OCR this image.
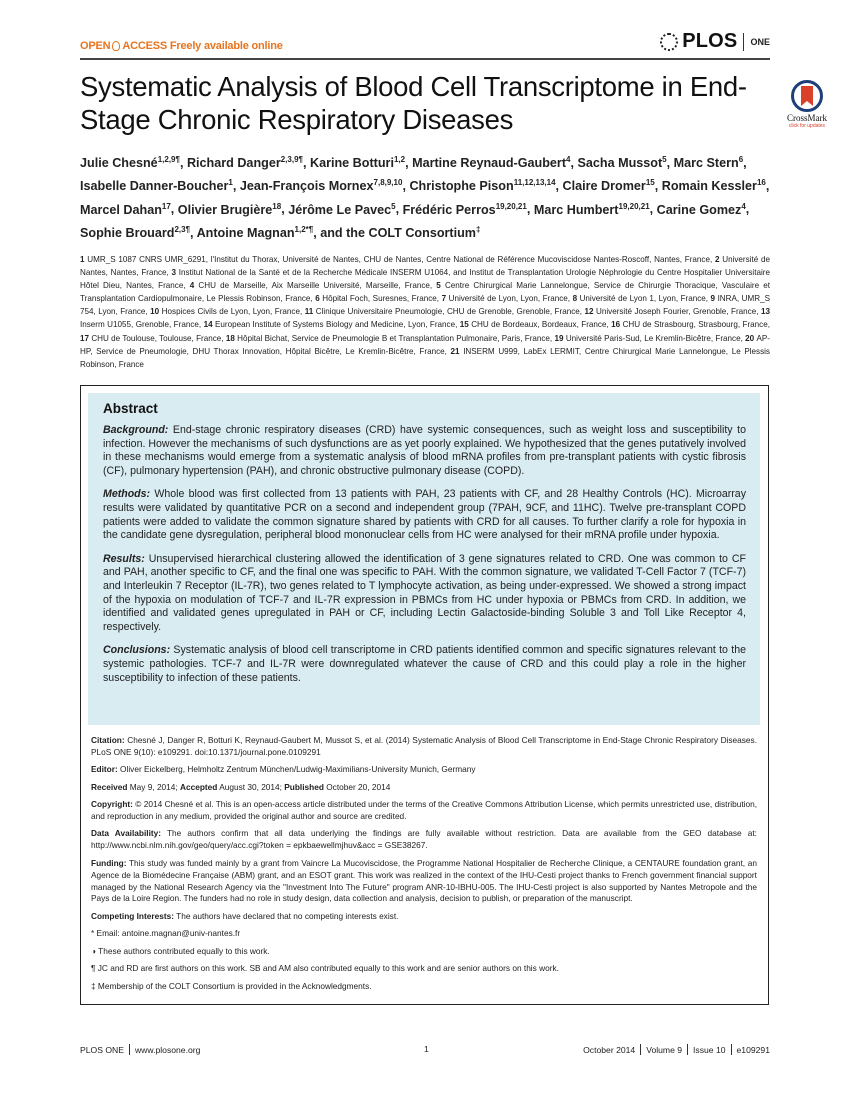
OPEN ACCESS Freely available online	PLOS ONE
Systematic Analysis of Blood Cell Transcriptome in End-Stage Chronic Respiratory Diseases	CrossMark
click for updates
Julie Chesné$^{1,2,9\P}$, Richard Danger$^{2,3,9\P}$, Karine Botturi$^{1,2}$, Martine Reynaud-Gaubert$^4$, Sacha Mussot$^5$, Marc Stern$^6$, Isabelle Danner-Boucher$^1$, Jean-François Mornex$^{7,8,9,10}$, Christophe Pison$^{11,12,13,14}$, Claire Dromer$^{15}$, Romain Kessler$^{16}$, Marcel Dahan$^{17}$, Olivier Brugière$^{18}$, Jérôme Le Pavec$^5$, Frédéric Perros$^{19,20,21}$, Marc Humbert$^{19,20,21}$, Carine Gomez$^4$, Sophie Brouard$^{2,3\P}$, Antoine Magnan$^{1,2*\P}$, and the COLT Consortium‡
1 UMR_S 1087 CNRS UMR_6291, l'Institut du Thorax, Université de Nantes, CHU de Nantes, Centre National de Référence Mucoviscidose Nantes-Roscoff, Nantes, France, 2 Université de Nantes, Nantes, France, 3 Institut National de la Santé et de la Recherche Médicale INSERM U1064, and Institut de Transplantation Urologie Néphrologie du Centre Hospitalier Universitaire Hôtel Dieu, Nantes, France, 4 CHU de Marseille, Aix Marseille Université, Marseille, France, 5 Centre Chirurgical Marie Lannelongue, Service de Chirurgie Thoracique, Vasculaire et Transplantation Cardiopulmonaire, Le Plessis Robinson, France, 6 Hôpital Foch, Suresnes, France, 7 Université de Lyon, Lyon, France, 8 Université de Lyon 1, Lyon, France, 9 INRA, UMR_S 754, Lyon, France, 10 Hospices Civils de Lyon, Lyon, France, 11 Clinique Universitaire Pneumologie, CHU de Grenoble, Grenoble, France, 12 Université Joseph Fourier, Grenoble, France, 13 Inserm U1055, Grenoble, France, 14 European Institute of Systems Biology and Medicine, Lyon, France, 15 CHU de Bordeaux, Bordeaux, France, 16 CHU de Strasbourg, Strasbourg, France, 17 CHU de Toulouse, Toulouse, France, 18 Hôpital Bichat, Service de Pneumologie B et Transplantation Pulmonaire, Paris, France, 19 Université Paris-Sud, Le Kremlin-Bicêtre, France, 20 AP-HP, Service de Pneumologie, DHU Thorax Innovation, Hôpital Bicêtre, Le Kremlin-Bicêtre, France, 21 INSERM U999, LabEx LERMIT, Centre Chirurgical Marie Lannelongue, Le Plessis Robinson, France
Abstract

Background: End-stage chronic respiratory diseases (CRD) have systemic consequences, such as weight loss and susceptibility to infection. However the mechanisms of such dysfunctions are as yet poorly explained. We hypothesized that the genes putatively involved in these mechanisms would emerge from a systematic analysis of blood mRNA profiles from pre-transplant patients with cystic fibrosis (CF), pulmonary hypertension (PAH), and chronic obstructive pulmonary disease (COPD).

Methods: Whole blood was first collected from 13 patients with PAH, 23 patients with CF, and 28 Healthy Controls (HC). Microarray results were validated by quantitative PCR on a second and independent group (7PAH, 9CF, and 11HC). Twelve pre-transplant COPD patients were added to validate the common signature shared by patients with CRD for all causes. To further clarify a role for hypoxia in the candidate gene dysregulation, peripheral blood mononuclear cells from HC were analysed for their mRNA profile under hypoxia.

Results: Unsupervised hierarchical clustering allowed the identification of 3 gene signatures related to CRD. One was common to CF and PAH, another specific to CF, and the final one was specific to PAH. With the common signature, we validated T-Cell Factor 7 (TCF-7) and Interleukin 7 Receptor (IL-7R), two genes related to T lymphocyte activation, as being under-expressed. We showed a strong impact of the hypoxia on modulation of TCF-7 and IL-7R expression in PBMCs from HC under hypoxia or PBMCs from CRD. In addition, we identified and validated genes upregulated in PAH or CF, including Lectin Galactoside-binding Soluble 3 and Toll Like Receptor 4, respectively.

Conclusions: Systematic analysis of blood cell transcriptome in CRD patients identified common and specific signatures relevant to the systemic pathologies. TCF-7 and IL-7R were downregulated whatever the cause of CRD and this could play a role in the higher susceptibility to infection of these patients.

Citation: Chesné J, Danger R, Botturi K, Reynaud-Gaubert M, Mussot S, et al. (2014) Systematic Analysis of Blood Cell Transcriptome in End-Stage Chronic Respiratory Diseases. PLoS ONE 9(10): e109291. doi:10.1371/journal.pone.0109291

Editor: Oliver Eickelberg, Helmholtz Zentrum München/Ludwig-Maximilians-University Munich, Germany

Received May 9, 2014; Accepted August 30, 2014; Published October 20, 2014

Copyright: © 2014 Chesné et al. This is an open-access article distributed under the terms of the Creative Commons Attribution License, which permits unrestricted use, distribution, and reproduction in any medium, provided the original author and source are credited.

Data Availability: The authors confirm that all data underlying the findings are fully available without restriction. Data are available from the GEO database at: http://www.ncbi.nlm.nih.gov/geo/query/acc.cgi?token = epkbaewellmjhuv&acc = GSE38267.

Funding: This study was funded mainly by a grant from Vaincre La Mucoviscidose, the Programme National Hospitalier de Recherche Clinique, a CENTAURE foundation grant, an Agence de la Biomédecine Française (ABM) grant, and an ESOT grant. This work was realized in the context of the IHU-Cesti project thanks to French government financial support managed by the National Research Agency via the "Investment Into The Future" program ANR-10-IBHU-005. The IHU-Cesti project is also supported by Nantes Metropole and the Pays de la Loire Region. The funders had no role in study design, data collection and analysis, decision to publish, or preparation of the manuscript.

Competing Interests: The authors have declared that no competing interests exist.

* Email: antoine.magnan@univ-nantes.fr

◑ These authors contributed equally to this work.

¶ JC and RD are first authors on this work. SB and AM also contributed equally to this work and are senior authors on this work.

‡ Membership of the COLT Consortium is provided in the Acknowledgments.

PLOS ONE www.plosone.org	1	October 2014 Volume 9 Issue 10 e109291
